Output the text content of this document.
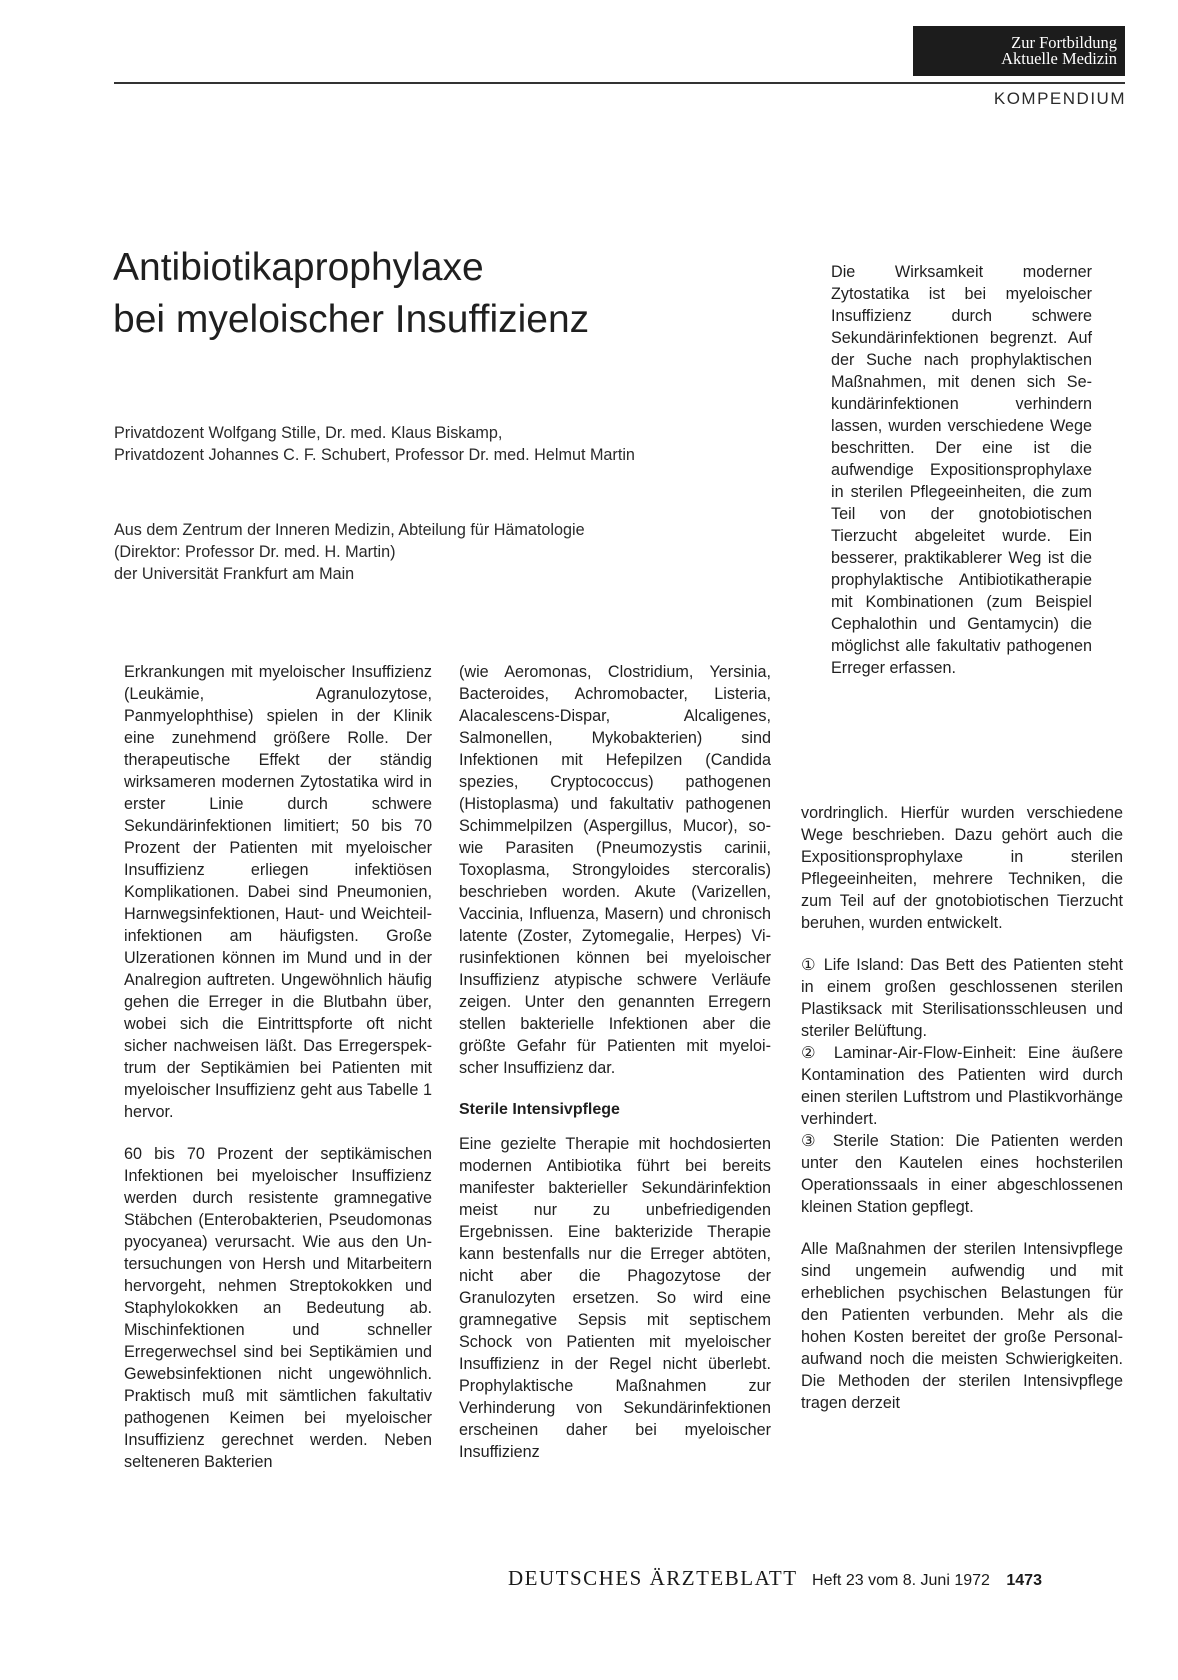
Zur Fortbildung
Aktuelle Medizin
KOMPENDIUM
Antibiotikaprophylaxe
bei myeloischer Insuffizienz
Privatdozent Wolfgang Stille, Dr. med. Klaus Biskamp,
Privatdozent Johannes C. F. Schubert, Professor Dr. med. Helmut Martin
Aus dem Zentrum der Inneren Medizin, Abteilung für Hämatologie
(Direktor: Professor Dr. med. H. Martin)
der Universität Frankfurt am Main

Die Wirksamkeit moderner Zytostatika ist bei myeloischer Insuffizienz durch schwere Sekundärinfektionen begrenzt. Auf der Suche nach prophylaktischen Maßnahmen, mit denen sich Sekundärinfektionen verhindern lassen, wurden verschiedene Wege beschritten. Der eine ist die aufwendige Expositionsprophylaxe in sterilen Pflegeeinheiten, die zum Teil von der gnotobiotischen Tierzucht abgeleitet wurde. Ein besserer, praktikablerer Weg ist die prophylaktische Antibiotikatherapie mit Kombinationen (zum Beispiel Cephalothin und Gentamycin) die möglichst alle fakultativ pathogenen Erreger erfassen.

Erkrankungen mit myeloischer Insuffizienz (Leukämie, Agranulozytose, Panmyelophthise) spielen in der Klinik eine zunehmend größere Rolle. Der therapeutische Effekt der ständig wirksameren modernen Zytostatika wird in erster Linie durch schwere Sekundärinfektionen limitiert; 50 bis 70 Prozent der Patienten mit myeloischer Insuffizienz erliegen infektiösen Komplikationen. Dabei sind Pneumonien, Harnwegsinfektionen, Haut- und Weichteilinfektionen am häufigsten. Große Ulzerationen können im Mund und in der Analregion auftreten. Ungewöhnlich häufig gehen die Erreger in die Blutbahn über, wobei sich die Eintrittspforte oft nicht sicher nachweisen läßt. Das Erregerspektrum der Septikämien bei Patienten mit myeloischer Insuffizienz geht aus Tabelle 1 hervor.

60 bis 70 Prozent der septikämischen Infektionen bei myeloischer Insuffizienz werden durch resistente gramnegative Stäbchen (Enterobakterien, Pseudomonas pyocyanea) verursacht. Wie aus den Untersuchungen von Hersh und Mitarbeitern hervorgeht, nehmen Streptokokken und Staphylokokken an Bedeutung ab. Mischinfektionen und schneller Erregerwechsel sind bei Septikämien und Gewebsinfektionen nicht ungewöhnlich. Praktisch muß mit sämtlichen fakultativ pathogenen Keimen bei myeloischer Insuffizienz gerechnet werden. Neben selteneren Bakterien

(wie Aeromonas, Clostridium, Yersinia, Bacteroides, Achromobacter, Listeria, Alacalescens-Dispar, Alcaligenes, Salmonellen, Mykobakterien) sind Infektionen mit Hefepilzen (Candida spezies, Cryptococcus) pathogenen (Histoplasma) und fakultativ pathogenen Schimmelpilzen (Aspergillus, Mucor), sowie Parasiten (Pneumozystis carinii, Toxoplasma, Strongyloides stercoralis) beschrieben worden. Akute (Varizellen, Vaccinia, Influenza, Masern) und chronisch latente (Zoster, Zytomegalie, Herpes) Virusinfektionen können bei myeloischer Insuffizienz atypische schwere Verläufe zeigen. Unter den genannten Erregern stellen bakterielle Infektionen aber die größte Gefahr für Patienten mit myeloischer Insuffizienz dar.

Sterile Intensivpflege

Eine gezielte Therapie mit hochdosierten modernen Antibiotika führt bei bereits manifester bakterieller Sekundärinfektion meist nur zu unbefriedigenden Ergebnissen. Eine bakterizide Therapie kann bestenfalls nur die Erreger abtöten, nicht aber die Phagozytose der Granulozyten ersetzen. So wird eine gramnegative Sepsis mit septischem Schock von Patienten mit myeloischer Insuffizienz in der Regel nicht überlebt. Prophylaktische Maßnahmen zur Verhinderung von Sekundärinfektionen erscheinen daher bei myeloischer Insuffizienz

vordringlich. Hierfür wurden verschiedene Wege beschrieben. Dazu gehört auch die Expositionsprophylaxe in sterilen Pflegeeinheiten, mehrere Techniken, die zum Teil auf der gnotobiotischen Tierzucht beruhen, wurden entwickelt.

① Life Island: Das Bett des Patienten steht in einem großen geschlossenen sterilen Plastiksack mit Sterilisationsschleusen und steriler Belüftung.

② Laminar-Air-Flow-Einheit: Eine äußere Kontamination des Patienten wird durch einen sterilen Luftstrom und Plastikvorhänge verhindert.

③ Sterile Station: Die Patienten werden unter den Kautelen eines hochsterilen Operationssaals in einer abgeschlossenen kleinen Station gepflegt.

Alle Maßnahmen der sterilen Intensivpflege sind ungemein aufwendig und mit erheblichen psychischen Belastungen für den Patienten verbunden. Mehr als die hohen Kosten bereitet der große Personalaufwand noch die meisten Schwierigkeiten. Die Methoden der sterilen Intensivpflege tragen derzeit

DEUTSCHES ÄRZTEBLATT Heft 23 vom 8. Juni 1972 1473
